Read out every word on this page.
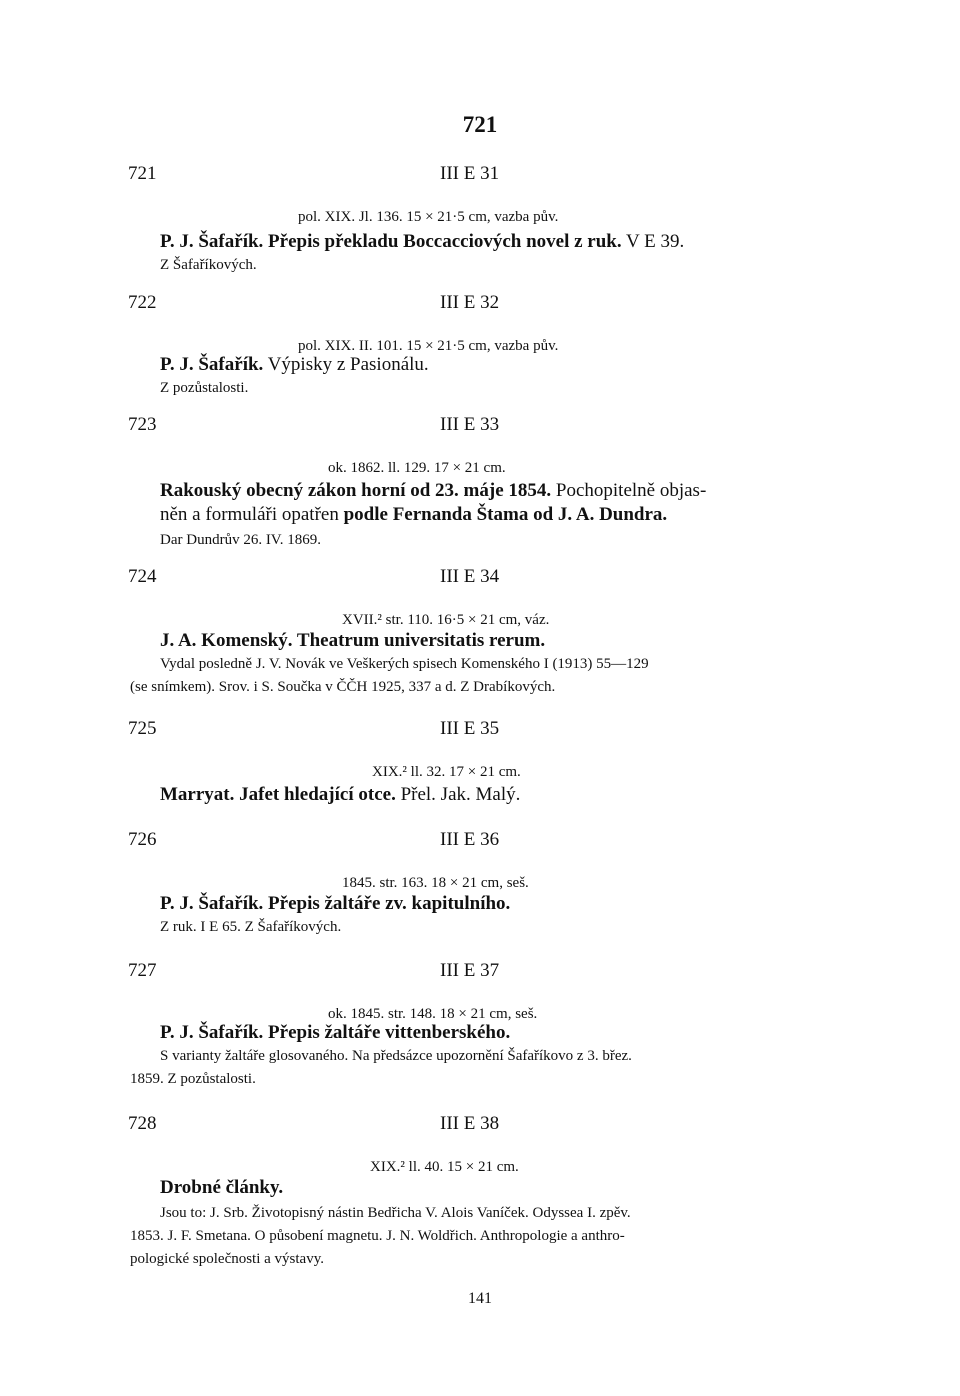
721
721	III E 31
pol. XIX. Jl. 136. 15 × 21·5 cm, vazba pův.
P. J. Šafařík. Přepis překladu Boccacciových novel z ruk. V E 39.
Z Šafaříkových.
722	III E 32
pol. XIX. II. 101. 15 × 21·5 cm, vazba pův.
P. J. Šafařík. Výpisky z Pasionálu.
Z pozůstalosti.
723	III E 33
ok. 1862. ll. 129. 17 × 21 cm.
Rakouský obecný zákon horní od 23. máje 1854. Pochopitelně objas-
něn a formuláři opatřen podle Fernanda Štama od J. A. Dundra.
Dar Dundrův 26. IV. 1869.
724	III E 34
XVII.² str. 110. 16·5 × 21 cm, váz.
J. A. Komenský. Theatrum universitatis rerum.
Vydal posledně J. V. Novák ve Veškerých spisech Komenského I (1913) 55—129
(se snímkem). Srov. i S. Součka v ČČH 1925, 337 a d. Z Drabíkových.
725	III E 35
XIX.² ll. 32. 17 × 21 cm.
Marryat. Jafet hledající otce. Přel. Jak. Malý.
726	III E 36
1845. str. 163. 18 × 21 cm, seš.
P. J. Šafařík. Přepis žaltáře zv. kapitulního.
Z ruk. I E 65. Z Šafaříkových.
727	III E 37
ok. 1845. str. 148. 18 × 21 cm, seš.
P. J. Šafařík. Přepis žaltáře vittenberského.
S varianty žaltáře glosovaného. Na předsázce upozornění Šafaříkovo z 3. břez.
1859. Z pozůstalosti.
728	III E 38
XIX.² ll. 40. 15 × 21 cm.
Drobné články.
Jsou to: J. Srb. Životopisný nástin Bedřicha V. Alois Vaníček. Odyssea I. zpěv.
1853. J. F. Smetana. O působení magnetu. J. N. Woldřich. Anthropologie a anthro-
pologické společnosti a výstavy.
141
